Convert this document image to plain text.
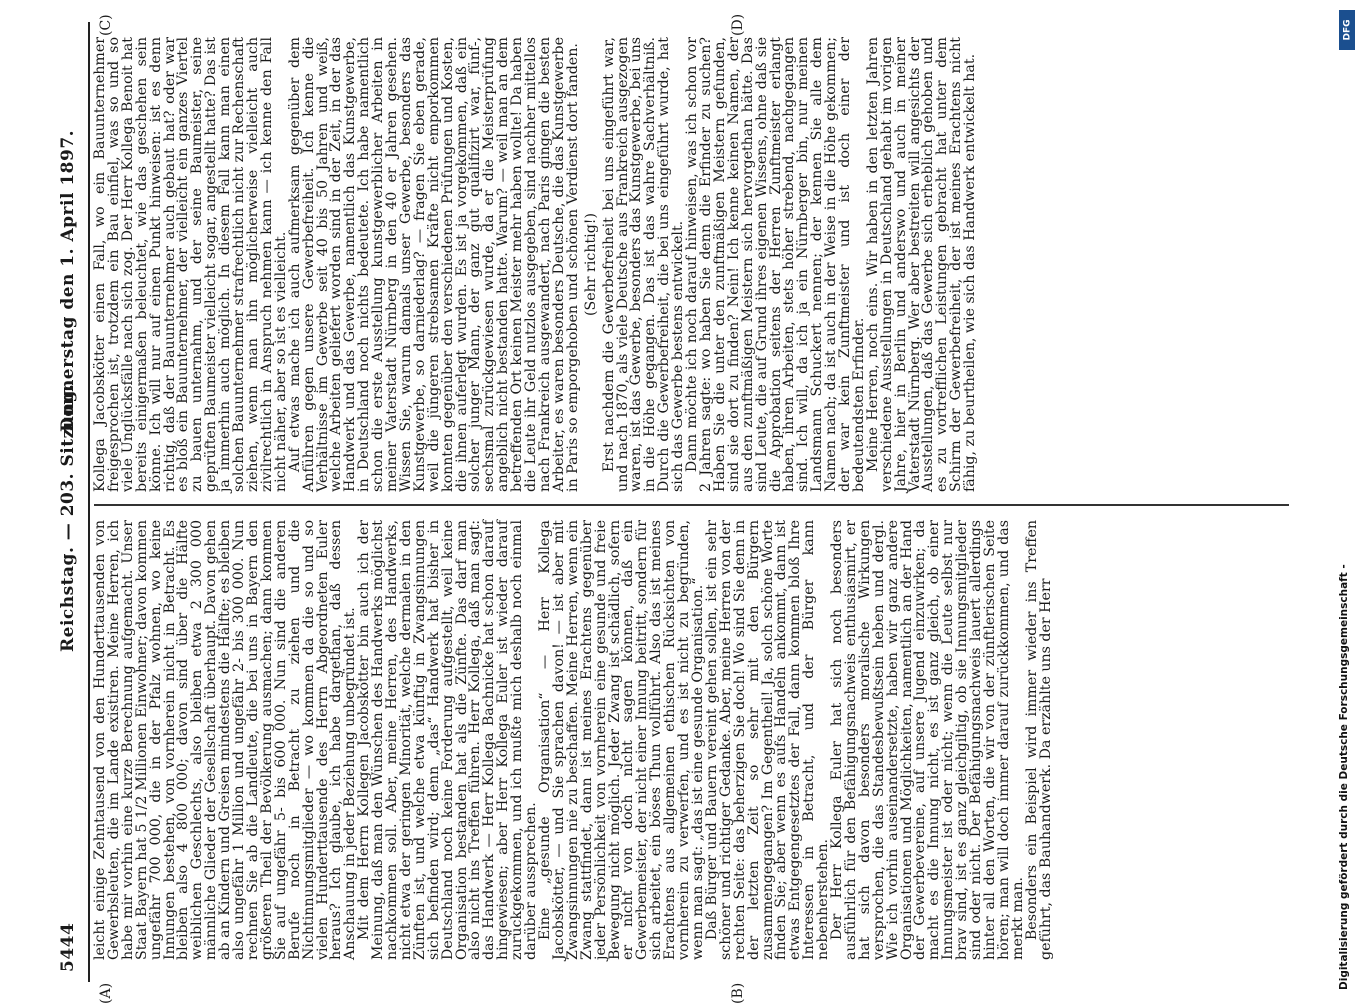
5444
Reichstag. — 203. Sitzung.
Donnerstag den 1. April 1897.
(A)	(B)
(C)	(D)

leicht einige Zehntausend von den Hunderttausenden von Gewerbsleuten, die im Lande existiren. Meine Herren, ich habe mir vorhin eine kurze Berechnung aufgemacht. Unser Staat Bayern hat 5 1/2 Millionen Einwohner; davon kommen ungefähr 700 000, die in der Pfalz wohnen, wo keine Innungen bestehen, von vornherein nicht in Betracht. Es bleiben also 4 800 000; davon sind über die Hälfte weiblichen Geschlechts, also bleiben etwa 2 300 000 männliche Glieder der Gesellschaft überhaupt. Davon gehen ab an Kindern und Greisen mindestens die Hälfte; es bleiben also ungefähr 1 Million und ungefähr 2- bis 300 000. Nun rechnen Sie ab die Landleute, die bei uns in Bayern den größeren Theil der Bevölkerung ausmachen; dann kommen Sie auf ungefähr 5- bis 600 000. Nun sind die anderen Berufe noch in Betracht zu ziehen und die Nichtinnungsmitglieder — wo kommen da die so und so vielen Hunderttausende des Herrn Abgeordneten Euler heraus? Ich glaube, ich habe dargethan, daß dessen Anschauung in jeder Beziehung unbegründet ist.

Mit dem Herrn Kollegen Jacobskötter bin auch ich der Meinung, daß man den Wünschen des Handwerks möglichst nachkommen soll. Aber, meine Herren, des Handwerks, nicht etwa der geringen Minorität, welche dermalen in den Zünften ist, und welche etwa künftig in Zwangsinnungen sich befinden wird; denn „das“ Handwerk hat bisher in Deutschland noch keine Forderung aufgestellt, weil keine Organisation bestanden hat als die Zünfte. Das darf man also nicht ins Treffen führen. Herr Kollega, daß man sagt: das Handwerk — Herr Kollega Bachnicke hat schon darauf hingewiesen; aber Herr Kollega Euler ist wieder darauf zurückgekommen, und ich mußte mich deshalb noch einmal darüber aussprechen.

Eine „gesunde Organisation“ — Herr Kollega Jacobskötter, — und Sie sprachen davon! — ist aber mit Zwangsinnungen nie zu beschaffen. Meine Herren, wenn ein Zwang stattfindet, dann ist meines Erachtens gegenüber jeder Persönlichkeit von vornherein eine gesunde und freie Bewegung nicht möglich. Jeder Zwang ist schädlich, sofern er nicht von doch nicht sagen können, daß ein Gewerbemeister, der nicht einer Innung beitritt, sondern für sich arbeitet, ein böses Thun vollführt. Also das ist meines Erachtens aus allgemeinen ethischen Rücksichten von vornherein zu verwerfen, und es ist nicht zu begründen, wenn man sagt: „das ist eine gesunde Organisation.“

Daß Bürger und Bauern vereint gehen sollen, ist ein sehr schöner und richtiger Gedanke. Aber, meine Herren von der rechten Seite: das beherzigen Sie doch! Wo sind Sie denn in der letzten Zeit so sehr mit den Bürgern zusammengegangen? Im Gegentheil! Ja, solch schöne Worte finden Sie; aber wenn es aufs Handeln ankommt, dann ist etwas Entgegengesetztes der Fall, dann kommen bloß Ihre Interessen in Betracht, und der Bürger kann nebenherstehen.

Der Herr Kollega Euler hat sich noch besonders ausführlich für den Befähigungsnachweis enthusiasmirt, er hat sich davon besonders moralische Wirkungen versprochen, die das Standesbewußtsein heben und dergl. Wie ich vorhin auseinandersetzte, haben wir ganz andere Organisationen und Möglichkeiten, namentlich an der Hand der Gewerbevereine, auf unsere Jugend einzuwirken; da macht es die Innung nicht, es ist ganz gleich, ob einer Innungsmeister ist oder nicht; wenn die Leute selbst nur brav sind, ist es ganz gleichgiltig, ob sie Innungsmitglieder sind oder nicht. Der Befähigungsnachweis lauert allerdings hinter all den Worten, die wir von der zünftlerischen Seite hören; man will doch immer darauf zurückkommen, und das merkt man.

Besonders ein Beispiel wird immer wieder ins Treffen geführt, das Bauhandwerk. Da erzählte uns der Herr

Kollega Jacobskötter einen Fall, wo ein Bauunternehmer freigesprochen ist, trotzdem ein Bau einfiel, was so und so viele Unglücksfälle nach sich zog. Der Herr Kollega Benoit hat bereits einigermaßen beleuchtet, wie das geschehen sein könne. Ich will nur auf einen Punkt hinweisen: ist es denn richtig, daß der Bauunternehmer auch gebaut hat? oder war es bloß ein Bauunternehmer, der vielleicht ein ganzes Viertel zu bauen unternahm, und der seine Baumeister, seine geprüften Baumeister vielleicht sogar, angestellt hatte? Das ist ja immerhin auch möglich. In diesem Fall kann man einen solchen Bauunternehmer strafrechtlich nicht zur Rechenschaft ziehen, wenn man ihn möglicherweise vielleicht auch zivilrechtlich in Anspruch nehmen kann — ich kenne den Fall nicht näher, aber so ist es vielleicht.

Auf etwas mache ich auch aufmerksam gegenüber dem Anführen gegen unsere Gewerbefreiheit. Ich kenne die Verhältnisse im Gewerbe seit 40 bis 50 Jahren und weiß, welche Arbeiten geliefert worden sind in der Zeit, in der das Handwerk und das Gewerbe, namentlich das Kunstgewerbe, in Deutschland noch nichts bedeutete. Ich habe namentlich schon die erste Ausstellung kunstgewerblicher Arbeiten in meiner Vaterstadt Nürnberg in den 40 er Jahren gesehen. Wissen Sie, warum damals unser Gewerbe, besonders das Kunstgewerbe, so darniederlag? — fragen Sie eben gerade, weil die jüngeren strebsamen Kräfte nicht emporkommen konnten gegenüber den verschiedenen Prüfungen und Kosten, die ihnen auferlegt wurden. Es ist ja vorgekommen, daß ein solcher junger Mann, der ganz gut qualifizirt war, fünf-, sechsmal zurückgewiesen wurde, da er die Meisterprüfung angeblich nicht bestanden hatte. Warum? — weil man an dem betreffenden Ort keinen Meister mehr haben wollte! Da haben die Leute ihr Geld nutzlos ausgegeben, sind nachher mittellos nach Frankreich ausgewandert, nach Paris gingen die besten Arbeiter, es waren besonders Deutsche, die das Kunstgewerbe in Paris so emporgehoben und schönen Verdienst dort fanden. (Sehr richtig!) Erst nachdem die Gewerbefreiheit bei uns eingeführt war, und nach 1870, als viele Deutsche aus Frankreich ausgezogen waren, ist das Gewerbe, besonders das Kunstgewerbe, bei uns in die Höhe gegangen. Das ist das wahre Sachverhältniß. Durch die Gewerbefreiheit, die bei uns eingeführt wurde, hat sich das Gewerbe bestens entwickelt.

Dann möchte ich noch darauf hinweisen, was ich schon vor 2 Jahren sagte: wo haben Sie denn die Erfinder zu suchen? Haben Sie die unter den zunftmäßigen Meistern gefunden, sind sie dort zu finden? Nein! Ich kenne keinen Namen, der aus den zunftmäßigen Meistern sich hervorgethan hätte. Das sind Leute, die auf Grund ihres eigenen Wissens, ohne daß sie die Approbation seitens der Herren Zunftmeister erlangt haben, ihren Arbeiten, stets höher strebend, nachgegangen sind. Ich will, da ich ja ein Nürnberger bin, nur meinen Landsmann Schuckert nennen; der kennen Sie alle dem Namen nach; da ist auch in der Weise in die Höhe gekommen; der war kein Zunftmeister und ist doch einer der bedeutendsten Erfinder.

Meine Herren, noch eins. Wir haben in den letzten Jahren verschiedene Ausstellungen in Deutschland gehabt im vorigen Jahre, hier in Berlin und anderswo und auch in meiner Vaterstadt Nürnberg. Wer aber bestreiten will angesichts der Ausstellungen, daß das Gewerbe sich erheblich gehoben und es zu vortrefflichen Leistungen gebracht hat unter dem Schirm der Gewerbefreiheit, der ist meines Erachtens nicht fähig, zu beurtheilen, wie sich das Handwerk entwickelt hat.

DFG
Digitalisierung gefördert durch die Deutsche Forschungsgemeinschaft -
